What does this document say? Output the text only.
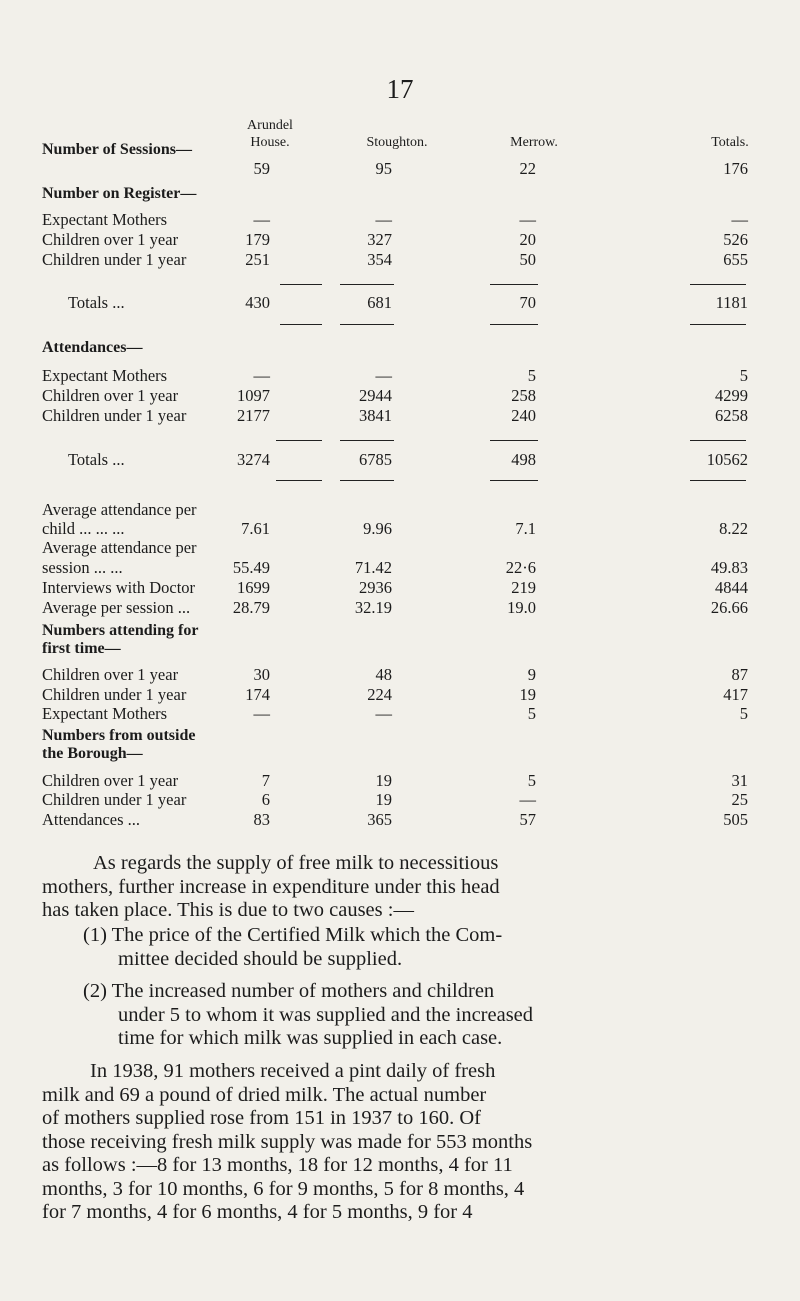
17
Arundel
House.	Stoughton.	Merrow.	Totals.
Number of Sessions—
59	95	22	176
Number on Register—
Expectant Mothers	—	—	—	—
Children over 1 year	179	327	20	526
Children under 1 year	251	354	50	655
Totals ...	430	681	70	1181
Attendances—
Expectant Mothers	—	—	5	5
Children over 1 year	1097	2944	258	4299
Children under 1 year	2177	3841	240	6258
Totals ...	3274	6785	498	10562
Average attendance per
child ... ... ...	7.61	9.96	7.1	8.22
Average attendance per
session ... ...	55.49	71.42	22·6	49.83
Interviews with Doctor	1699	2936	219	4844
Average per session ...	28.79	32.19	19.0	26.66
Numbers attending for
first time—
Children over 1 year	30	48	9	87
Children under 1 year	174	224	19	417
Expectant Mothers	—	—	5	5
Numbers from outside
the Borough—
Children over 1 year	7	19	5	31
Children under 1 year	6	19	—	25
Attendances ...	83	365	57	505
As regards the supply of free milk to necessitious
mothers, further increase in expenditure under this head
has taken place. This is due to two causes :—
(1) The price of the Certified Milk which the Com-
mittee decided should be supplied.
(2) The increased number of mothers and children
under 5 to whom it was supplied and the increased
time for which milk was supplied in each case.
In 1938, 91 mothers received a pint daily of fresh
milk and 69 a pound of dried milk. The actual number
of mothers supplied rose from 151 in 1937 to 160. Of
those receiving fresh milk supply was made for 553 months
as follows :—8 for 13 months, 18 for 12 months, 4 for 11
months, 3 for 10 months, 6 for 9 months, 5 for 8 months, 4
for 7 months, 4 for 6 months, 4 for 5 months, 9 for 4
